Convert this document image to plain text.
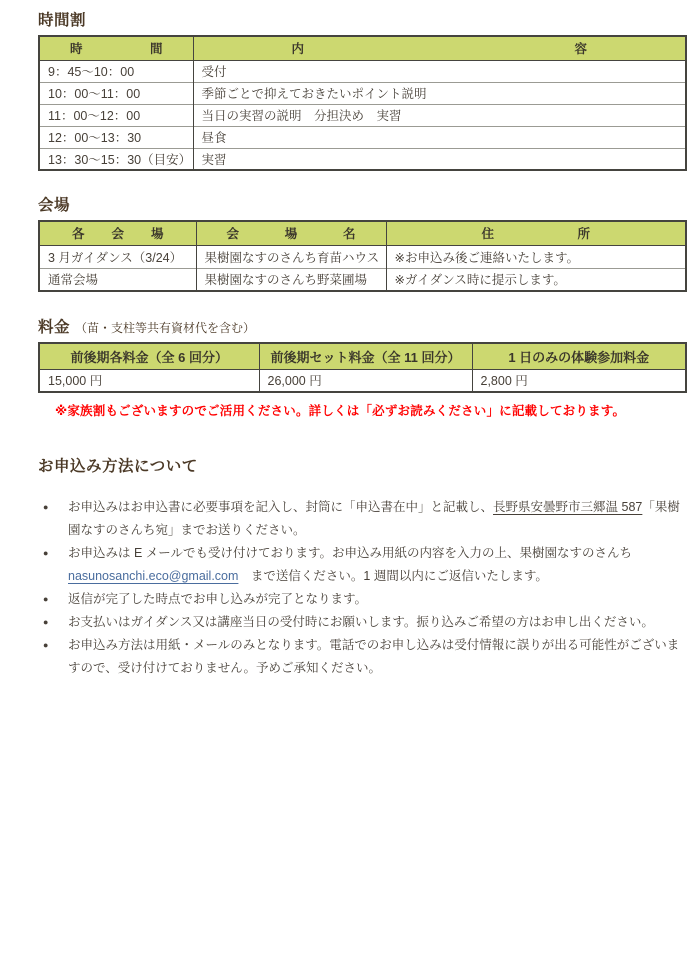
時間割
時 間	内 容

9：45～10：00	受付
10：00～11：00	季節ごとで抑えておきたいポイント説明
11：00～12：00	当日の実習の説明　分担決め　実習
12：00～13：30	昼食
13：30～15：30（目安）	実習
会場
各 会 場	会 場 名	住 所

3 月ガイダンス（3/24）	果樹園なすのさんち育苗ハウス	※お申込み後ご連絡いたします。
通常会場	果樹園なすのさんち野菜圃場	※ガイダンス時に提示します。
料金 （苗・支柱等共有資材代を含む）
前後期各料金（全 6 回分）	前後期セット料金（全 11 回分）	1 日のみの体験参加料金
15,000 円	26,000 円	2,800 円

※家族割もございますのでご活用ください。詳しくは「必ずお読みください」に記載しております。

お申込み方法について
● お申込みはお申込書に必要事項を記入し、封筒に「申込書在中」と記載し、長野県安曇野市三郷温 587「果樹園なすのさんち宛」までお送りください。
● お申込みは E メールでも受け付けております。お申込み用紙の内容を入力の上、果樹園なすのさんち nasunosanchi.eco@gmail.com　まで送信ください。1 週間以内にご返信いたします。
● 返信が完了した時点でお申し込みが完了となります。
● お支払いはガイダンス又は講座当日の受付時にお願いします。振り込みご希望の方はお申し出ください。
● お申込み方法は用紙・メールのみとなります。電話でのお申し込みは受付情報に誤りが出る可能性がございますので、受け付けておりません。予めご承知ください。
